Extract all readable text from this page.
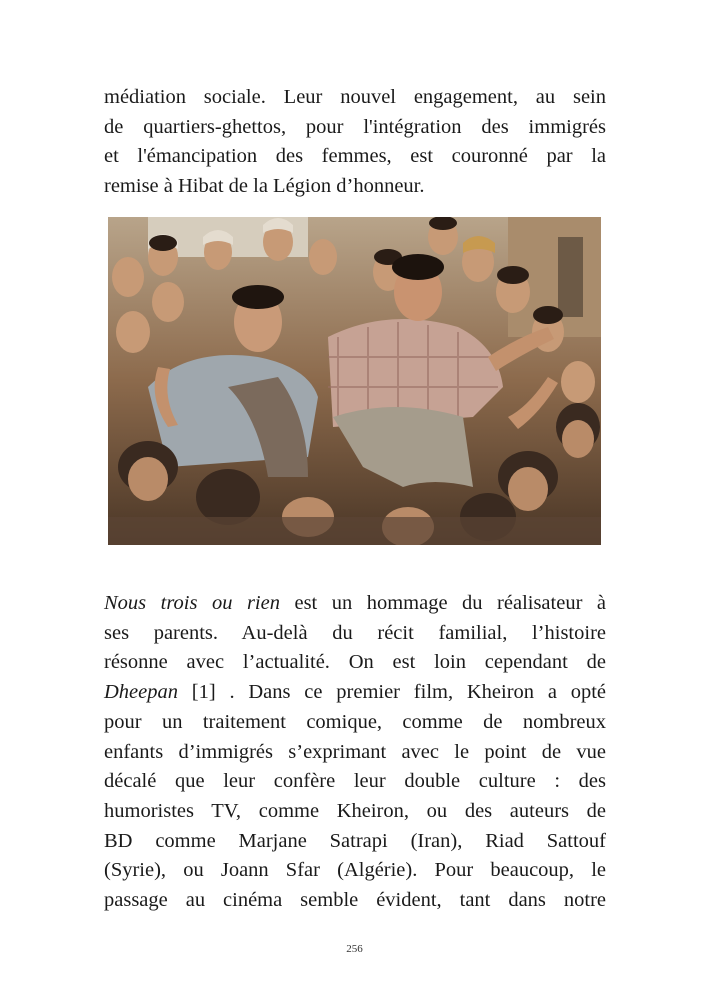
médiation sociale. Leur nouvel engagement, au sein
de quartiers-ghettos, pour l'intégration des immigrés
et l'émancipation des femmes, est couronné par la
remise à Hibat de la Légion d’honneur.
Nous trois ou rien est un hommage du réalisateur à
ses parents. Au-delà du récit familial, l’histoire
résonne avec l’actualité. On est loin cependant de
Dheepan [1] . Dans ce premier film, Kheiron a opté
pour un traitement comique, comme de nombreux
enfants d’immigrés s’exprimant avec le point de vue
décalé que leur confère leur double culture : des
humoristes TV, comme Kheiron, ou des auteurs de
BD comme Marjane Satrapi (Iran), Riad Sattouf
(Syrie), ou Joann Sfar (Algérie). Pour beaucoup, le
passage au cinéma semble évident, tant dans notre
256
